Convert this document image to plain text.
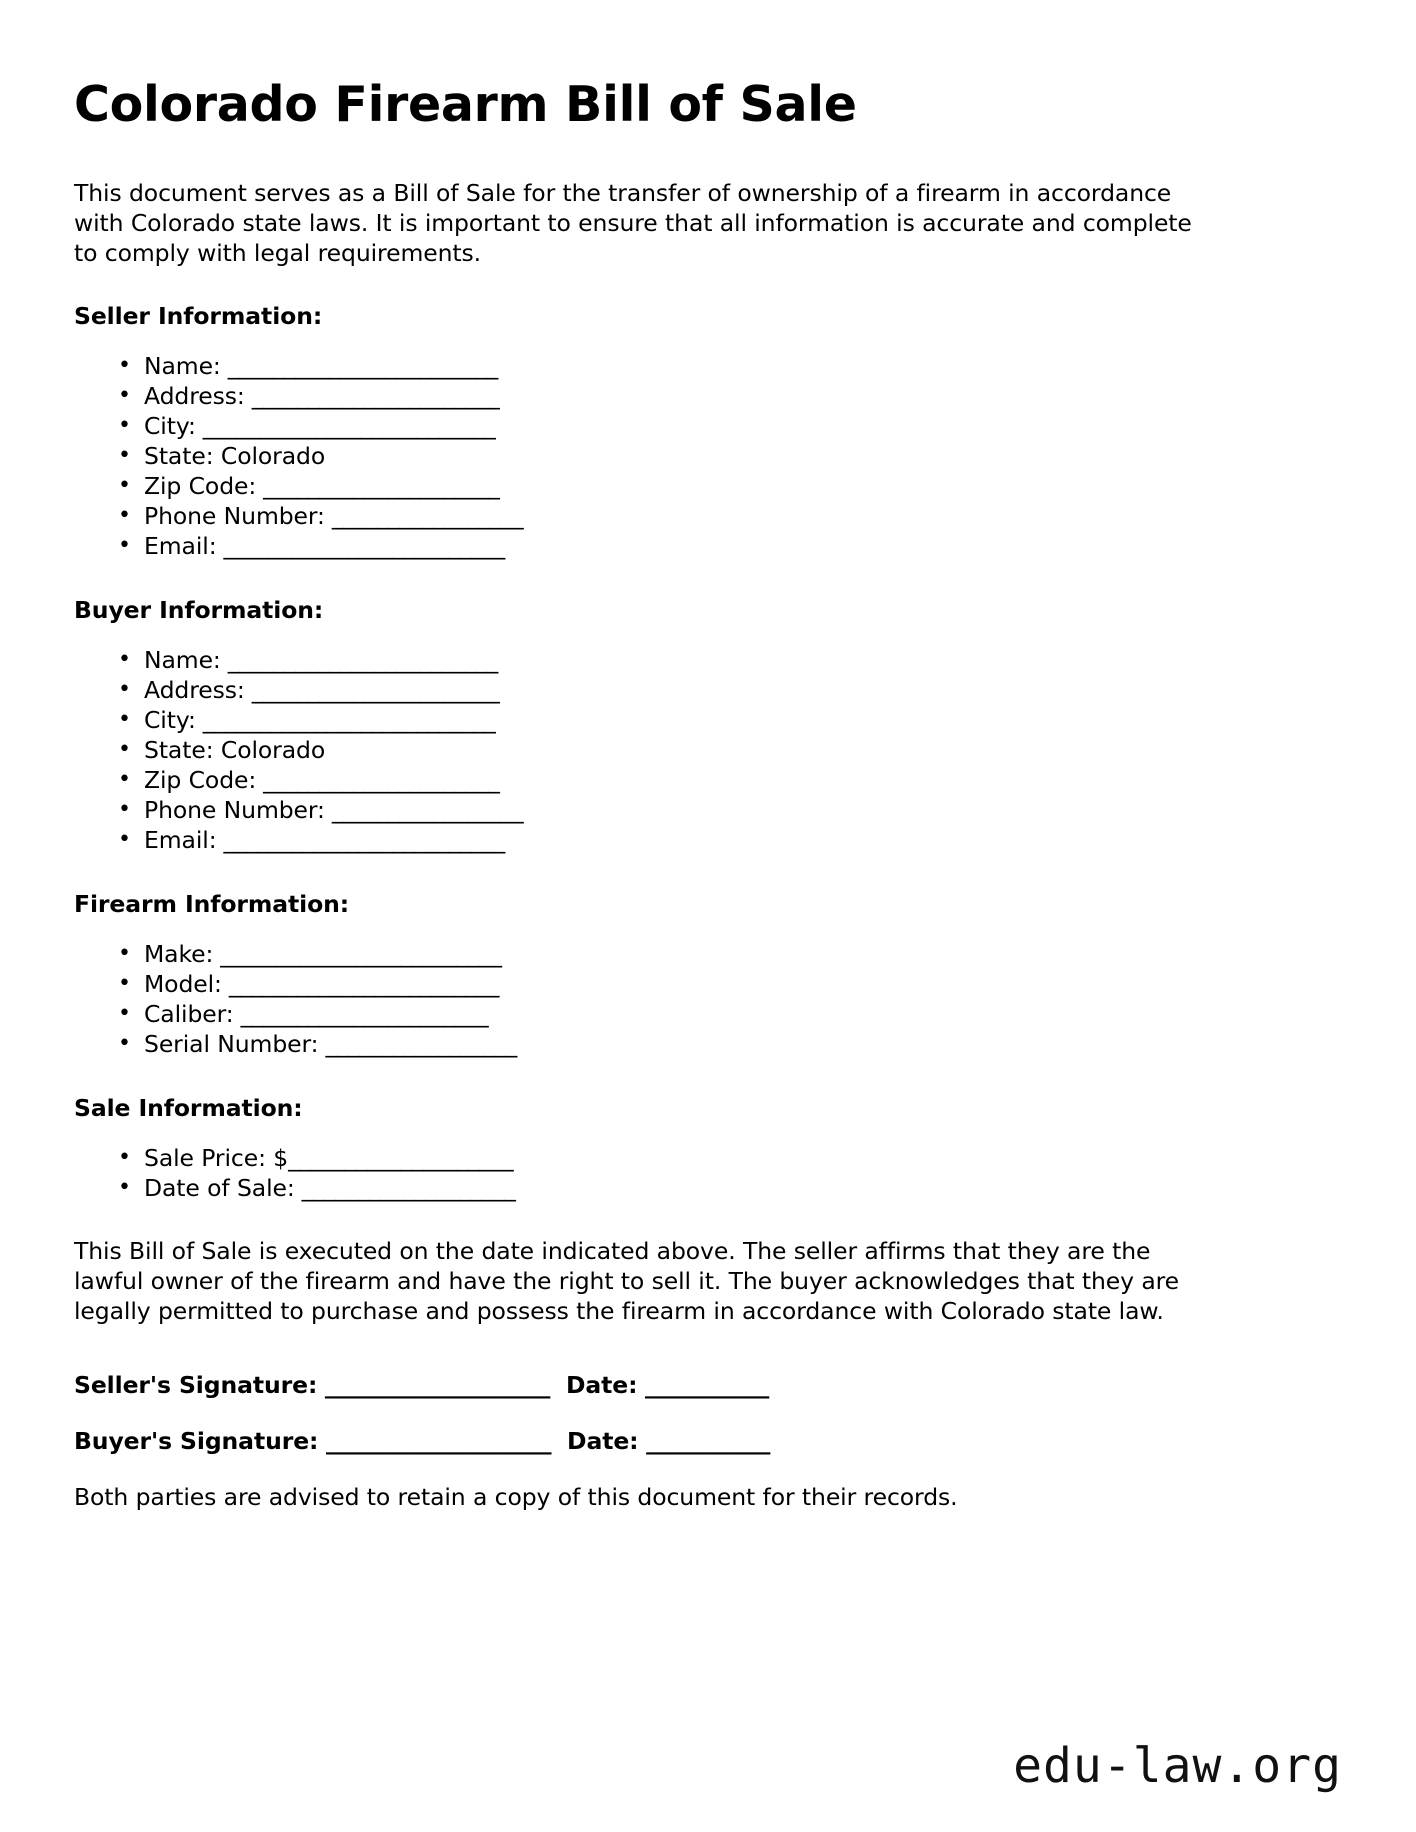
Colorado Firearm Bill of Sale

This document serves as a Bill of Sale for the transfer of ownership of a firearm in accordance with Colorado state laws. It is important to ensure that all information is accurate and complete to comply with legal requirements.

Seller Information:
• Name: ________________________
• Address: ______________________
• City: __________________________
• State: Colorado
• Zip Code: _____________________
• Phone Number: _________________
• Email: _________________________
Buyer Information:
• Name: ________________________
• Address: ______________________
• City: __________________________
• State: Colorado
• Zip Code: _____________________
• Phone Number: _________________
• Email: _________________________
Firearm Information:
• Make: _________________________
• Model: ________________________
• Caliber: ______________________
• Serial Number: _________________
Sale Information:
• Sale Price: $____________________
• Date of Sale: ___________________

This Bill of Sale is executed on the date indicated above. The seller affirms that they are the lawful owner of the firearm and have the right to sell it. The buyer acknowledges that they are legally permitted to purchase and possess the firearm in accordance with Colorado state law.

Seller's Signature: ____________________ Date: ___________
Buyer's Signature: ____________________ Date: ___________

Both parties are advised to retain a copy of this document for their records.

edu-law.org
